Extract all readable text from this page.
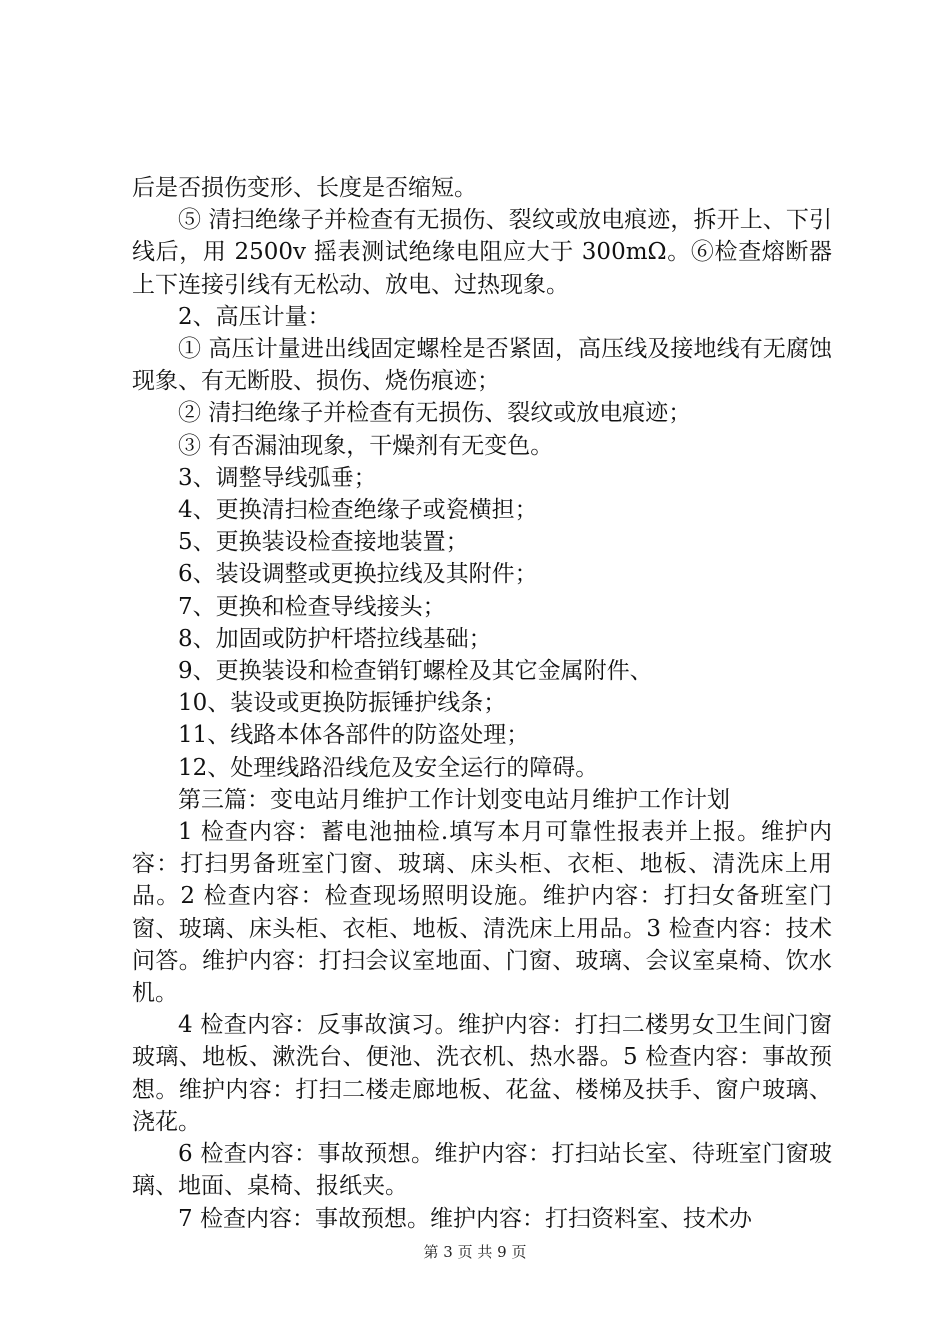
后是否损伤变形、长度是否缩短。

⑤ 清扫绝缘子并检查有无损伤、裂纹或放电痕迹，拆开上、下引线后，用 2500v 摇表测试绝缘电阻应大于 300mΩ。⑥检查熔断器上下连接引线有无松动、放电、过热现象。

2、高压计量：

① 高压计量进出线固定螺栓是否紧固，高压线及接地线有无腐蚀现象、有无断股、损伤、烧伤痕迹；

② 清扫绝缘子并检查有无损伤、裂纹或放电痕迹；

③ 有否漏油现象，干燥剂有无变色。

3、调整导线弧垂；

4、更换清扫检查绝缘子或瓷横担；

5、更换装设检查接地装置；

6、装设调整或更换拉线及其附件；

7、更换和检查导线接头；

8、加固或防护杆塔拉线基础；

9、更换装设和检查销钉螺栓及其它金属附件、

10、装设或更换防振锤护线条；

11、线路本体各部件的防盗处理；

12、处理线路沿线危及安全运行的障碍。

第三篇：变电站月维护工作计划变电站月维护工作计划

1 检查内容：蓄电池抽检.填写本月可靠性报表并上报。维护内容：打扫男备班室门窗、玻璃、床头柜、衣柜、地板、清洗床上用品。2 检查内容：检查现场照明设施。维护内容：打扫女备班室门窗、玻璃、床头柜、衣柜、地板、清洗床上用品。3 检查内容：技术问答。维护内容：打扫会议室地面、门窗、玻璃、会议室桌椅、饮水机。

4 检查内容：反事故演习。维护内容：打扫二楼男女卫生间门窗玻璃、地板、漱洗台、便池、洗衣机、热水器。5 检查内容：事故预想。维护内容：打扫二楼走廊地板、花盆、楼梯及扶手、窗户玻璃、浇花。

6 检查内容：事故预想。维护内容：打扫站长室、待班室门窗玻璃、地面、桌椅、报纸夹。

7 检查内容：事故预想。维护内容：打扫资料室、技术办

第 3 页 共 9 页
